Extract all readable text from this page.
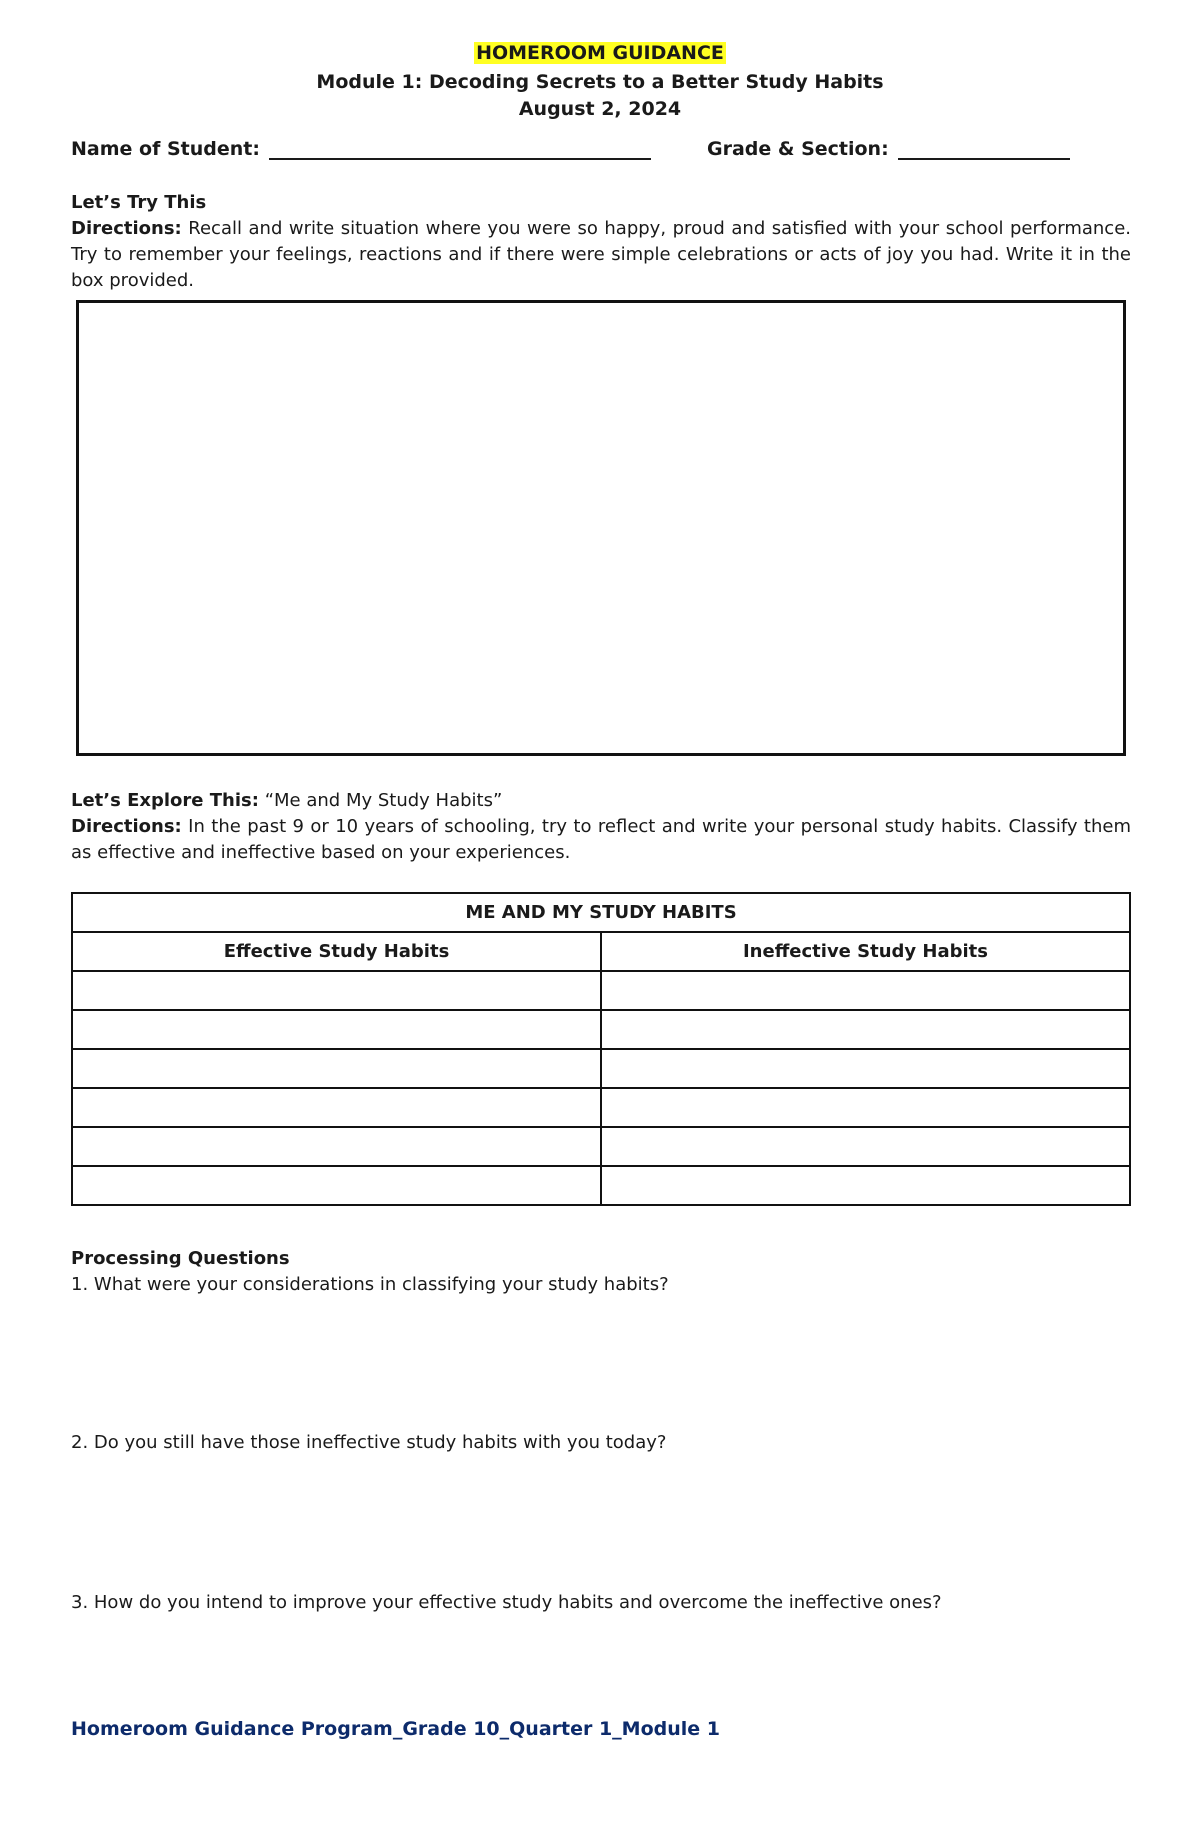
HOMEROOM GUIDANCE
Module 1: Decoding Secrets to a Better Study Habits
August 2, 2024
Name of Student:	Grade & Section:
Let’s Try This
Directions: Recall and write situation where you were so happy, proud and satisfied with your school performance. Try to remember your feelings, reactions and if there were simple celebrations or acts of joy you had. Write it in the box provided.
Let’s Explore This: “Me and My Study Habits”
Directions: In the past 9 or 10 years of schooling, try to reflect and write your personal study habits. Classify them as effective and ineffective based on your experiences.
ME AND MY STUDY HABITS	
Effective Study Habits	Ineffective Study Habits

Processing Questions
1. What were your considerations in classifying your study habits?
2. Do you still have those ineffective study habits with you today?
3. How do you intend to improve your effective study habits and overcome the ineffective ones?
Homeroom Guidance Program_Grade 10_Quarter 1_Module 1
